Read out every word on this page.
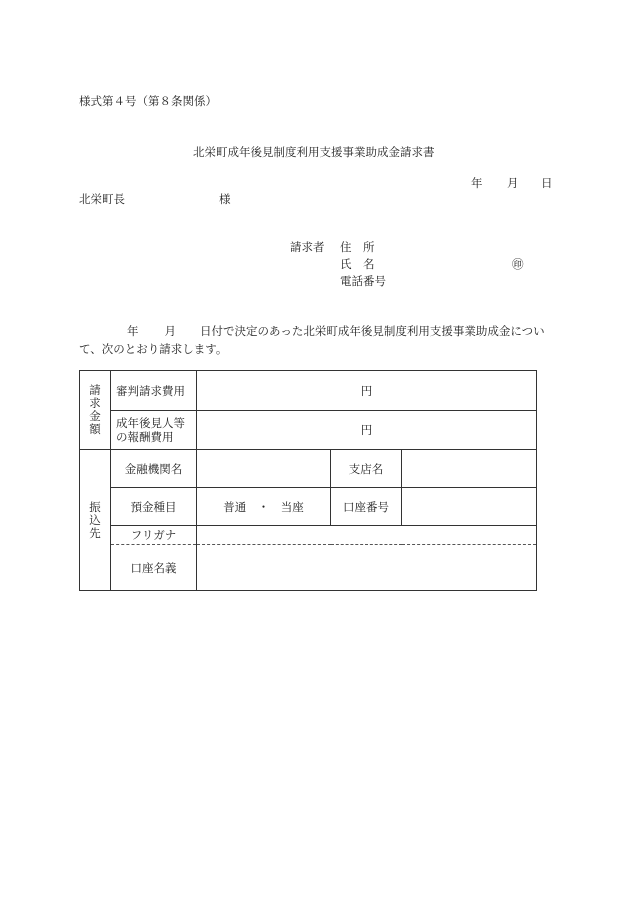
様式第４号（第８条関係）
北栄町成年後見制度利用支援事業助成金請求書
年 月 日
北栄町長	様
請求者 住　所
氏　名	㊞
電話番号
年 月 日付で決定のあった北栄町成年後見制度利用支援事業助成金につい
て、次のとおり請求します。
請
求
金
額	審判請求費用	円		
	成年後見人等
の報酬費用	円		

振
込
先	金融機関名		支店名	
	預金種目	普通　・　当座	口座番号	
	フリガナ			
	口座名義			
